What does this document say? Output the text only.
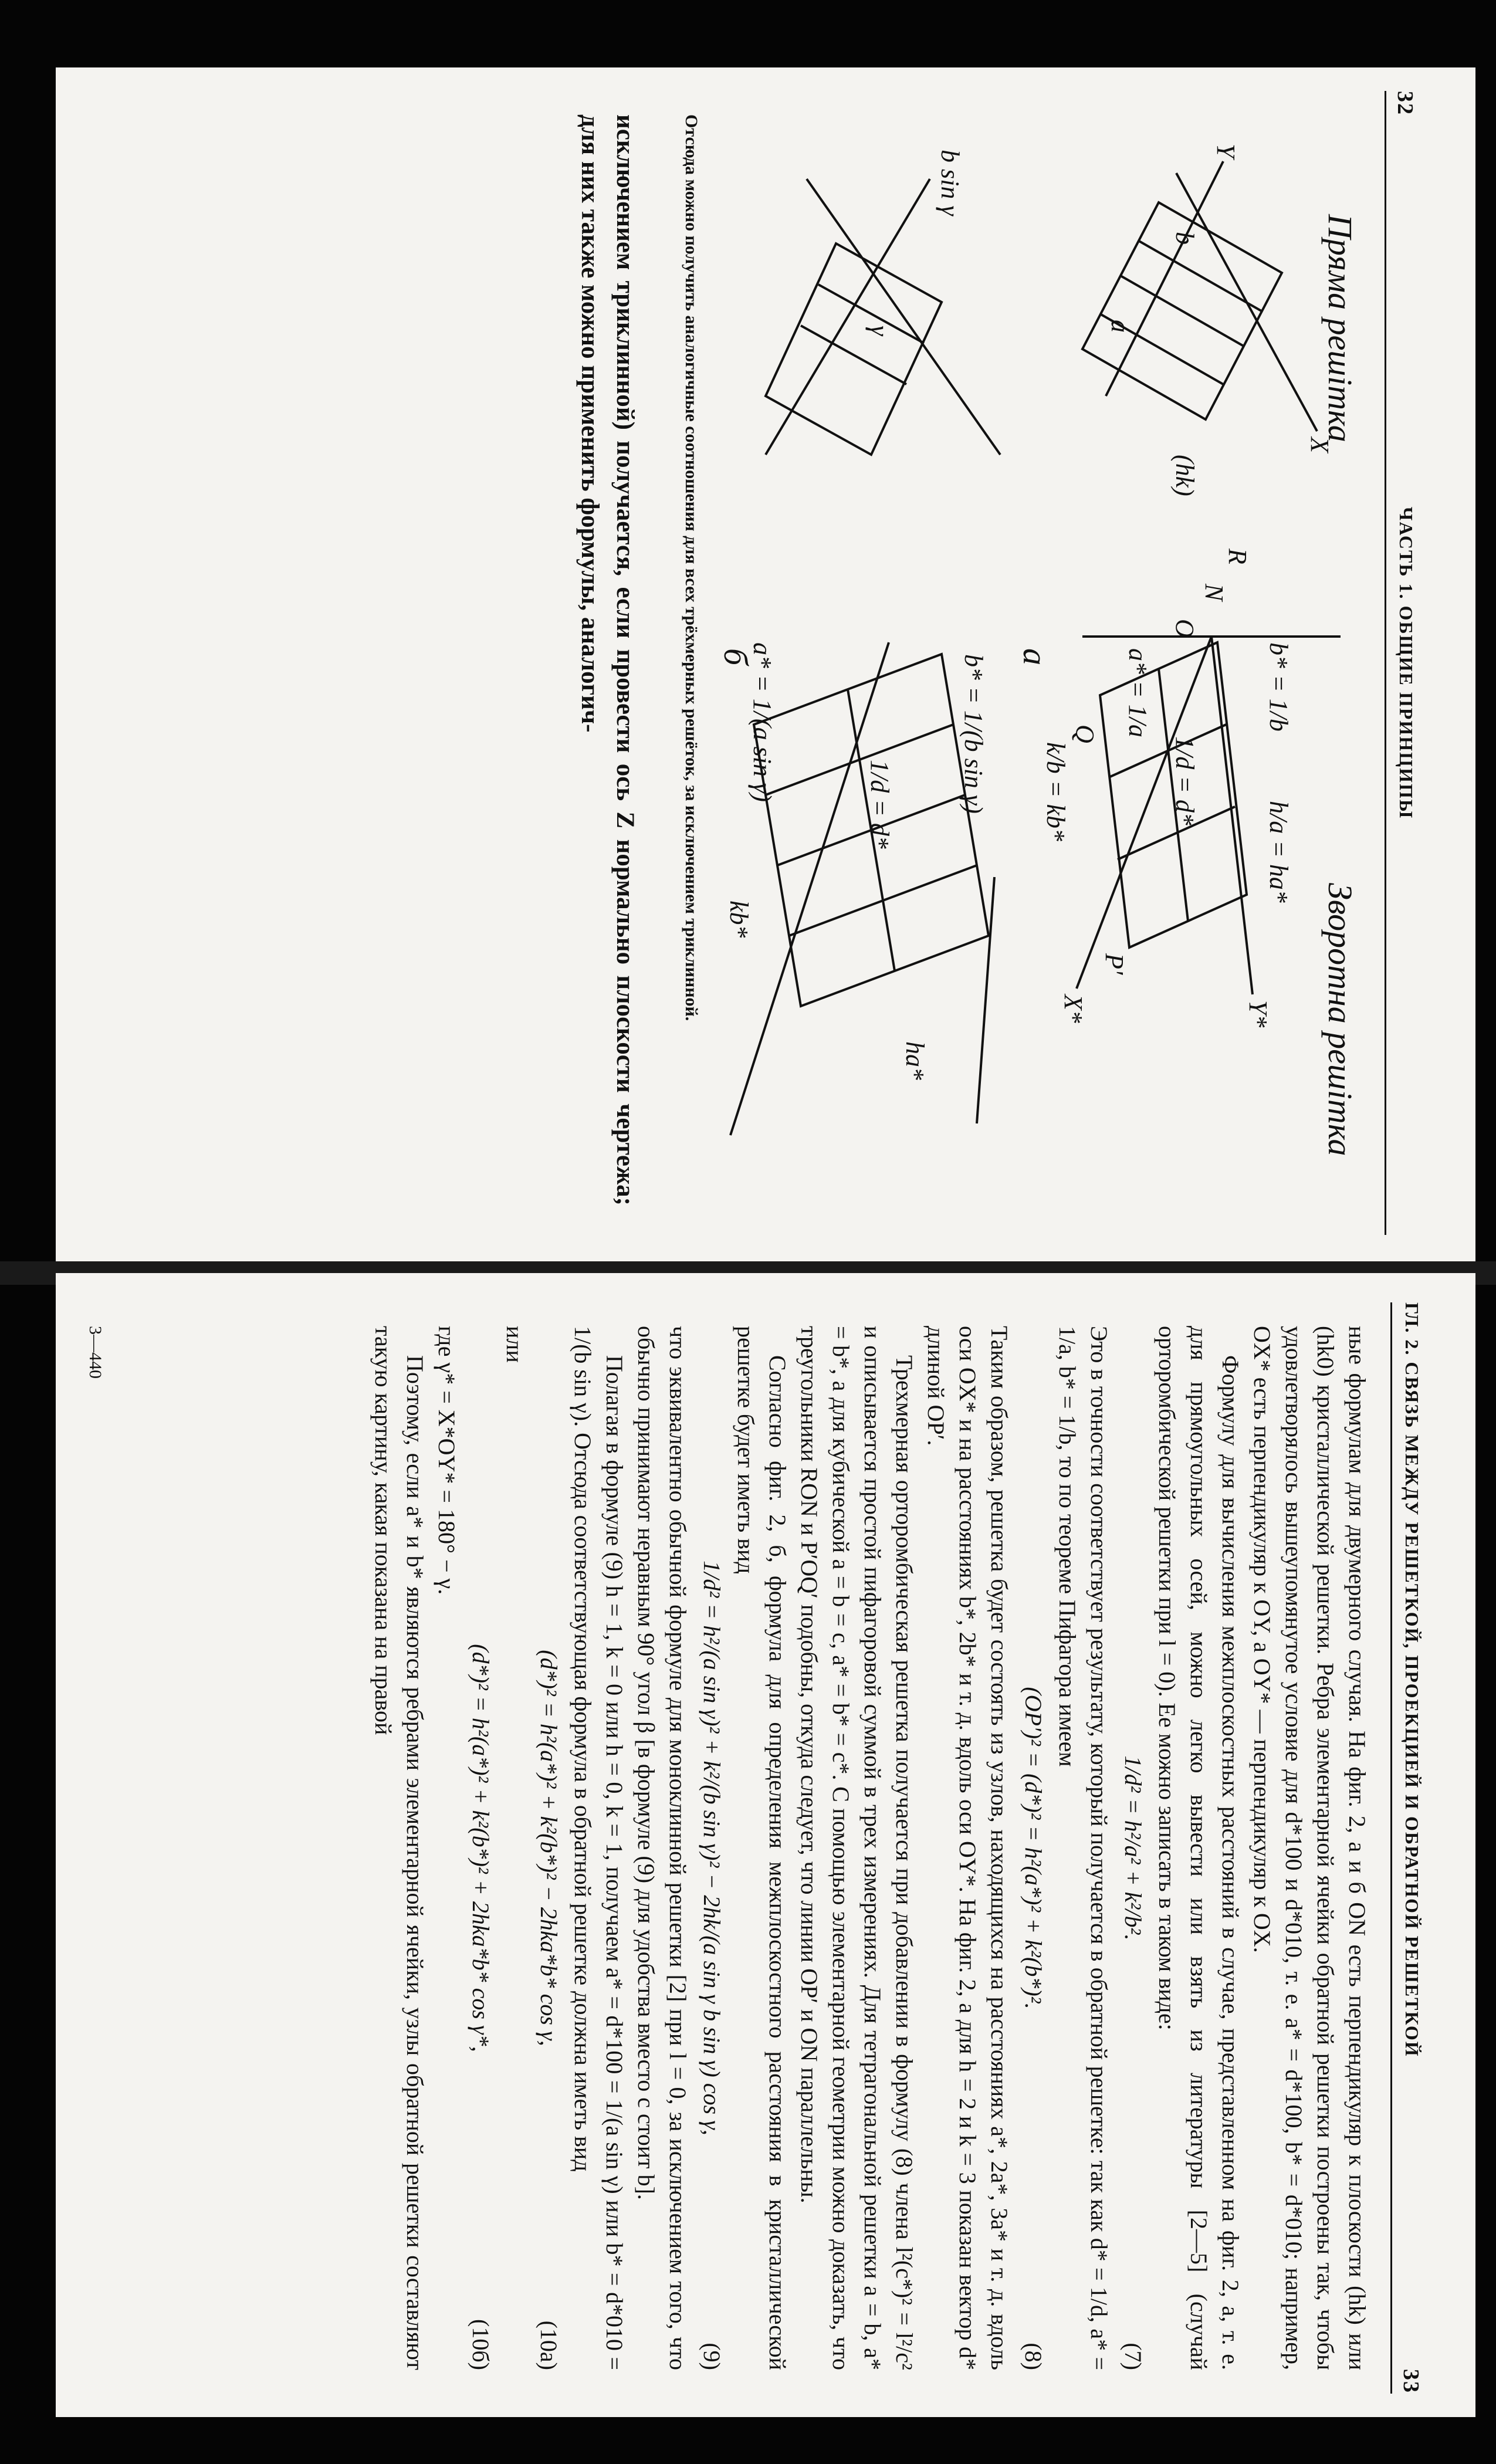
32
ЧАСТЬ 1. ОБЩИЕ ПРИНЦИПЫ
X
Y
Y*
X*
b
a
(hk)
O
N
R
Q
P′
h/a = ha*
k/b = kb*
b* = 1/b
a* = 1/a
1/d = d*
b sin γ
γ
b* = 1/(b sin γ)
a* = 1/(a sin γ)
ha*
kb*
1/d = d*
Пряма решітка
Зворотна решітка
а
б
Отсюда можно получить аналогичные соотношения для всех трёхмерных решёток, за исключением триклинной.
исключением триклинной) получается, если провести ось Z нормально плоскости чертежа; для них также можно применить формулы, аналогич-
ГЛ. 2. СВЯЗЬ МЕЖДУ РЕШЕТКОЙ, ПРОЕКЦИЕЙ И ОБРАТНОЙ РЕШЕТКОЙ
33

ные формулам для двумерного случая. На фиг. 2, а и б ON есть перпендикуляр к плоскости (hk) или (hk0) кристаллической решетки. Ребра элементарной ячейки обратной решетки построены так, чтобы удовлетворялось вышеупомянутое условие для d*100 и d*010, т. е. a* = d*100, b* = d*010; например, OX* есть перпендикуляр к OY, а OY* — перпендикуляр к OX.

Формулу для вычисления межплоскостных расстояний в случае, представленном на фиг. 2, а, т. е. для прямоугольных осей, можно легко вывести или взять из литературы [2—5] (случай орторомбической решетки при l = 0). Ее можно записать в таком виде:

1/d² = h²/a² + k²/b².
(7)

Это в точности соответствует результату, который получается в обратной решетке: так как d* = 1/d, a* = 1/a, b* = 1/b, то по теореме Пифагора имеем

(OP′)² = (d*)² = h²(a*)² + k²(b*)².
(8)

Таким образом, решетка будет состоять из узлов, находящихся на расстояниях a*, 2a*, 3a* и т. д. вдоль оси OX* и на расстояниях b*, 2b* и т. д. вдоль оси OY*. На фиг. 2, а для h = 2 и k = 3 показан вектор d* длиной OP′.

Трехмерная орторомбическая решетка получается при добавлении в формулу (8) члена l²(c*)² = l²/c² и описывается простой пифагоровой суммой в трех измерениях. Для тетрагональной решетки a = b, a* = b*, а для кубической a = b = c, a* = b* = c*. С помощью элементарной геометрии можно доказать, что треугольники RON и P′OQ′ подобны, откуда следует, что линии OP′ и ON параллельны.

Согласно фиг. 2, б, формула для определения межплоскостного расстояния в кристаллической решетке будет иметь вид

1/d² = h²/(a sin γ)² + k²/(b sin γ)² − 2hk/(a sin γ b sin γ) cos γ,
(9)

что эквивалентно обычной формуле для моноклинной решетки [2] при l = 0, за исключением того, что обычно принимают неравным 90° угол β [в формуле (9) для удобства вместо c стоит b].

Полагая в формуле (9) h = 1, k = 0 или h = 0, k = 1, получаем a* = d*100 = 1/(a sin γ) или b* = d*010 = 1/(b sin γ). Отсюда соответствующая формула в обратной решетке должна иметь вид

(d*)² = h²(a*)² + k²(b*)² − 2hka*b* cos γ,
(10a)

или

(d*)² = h²(a*)² + k²(b*)² + 2hka*b* cos γ*,
(10б)

где γ* = X*OY* = 180° − γ.

Поэтому, если a* и b* являются ребрами элементарной ячейки, узлы обратной решетки составляют такую картину, какая показана на правой

3—440
